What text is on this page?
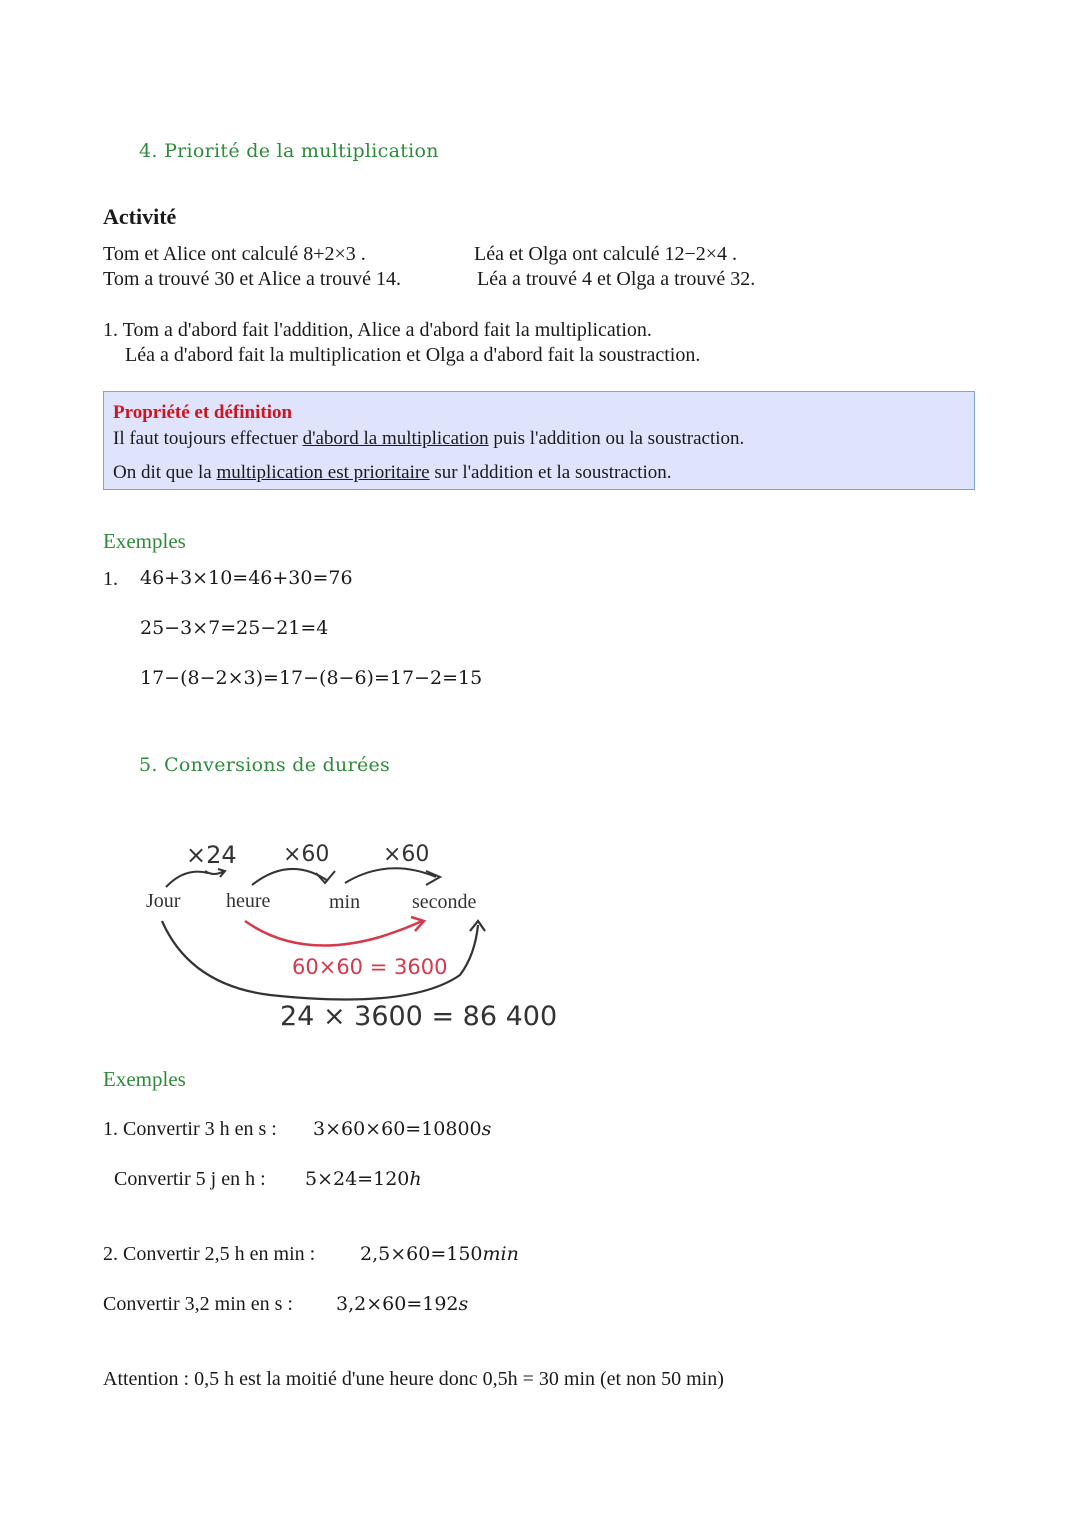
4. Priorité de la multiplication
Activité
Tom et Alice ont calculé 8+2×3 .
Tom a trouvé 30 et Alice a trouvé 14.
Léa et Olga ont calculé 12−2×4 .
Léa a trouvé 4 et Olga a trouvé 32.
1. Tom a d'abord fait l'addition, Alice a d'abord fait la multiplication.
Léa a d'abord fait la multiplication et Olga a d'abord fait la soustraction.
Propriété et définition
Il faut toujours effectuer d'abord la multiplication puis l'addition ou la soustraction.
On dit que la multiplication est prioritaire sur l'addition et la soustraction.
Exemples
1. 46+3×10=46+30=76
25−3×7=25−21=4
17−(8−2×3)=17−(8−6)=17−2=15
5. Conversions de durées
×24 ×60 ×60
Jour heure	min	seconde
60×60 = 3600
24 × 3600 = 86 400
Exemples
1. Convertir 3 h en s : 3×60×60=10800s
Convertir 5 j en h : 5×24=120h
2. Convertir 2,5 h en min : 2,5×60=150min
Convertir 3,2 min en s : 3,2×60=192s
Attention : 0,5 h est la moitié d'une heure donc 0,5h = 30 min (et non 50 min)
